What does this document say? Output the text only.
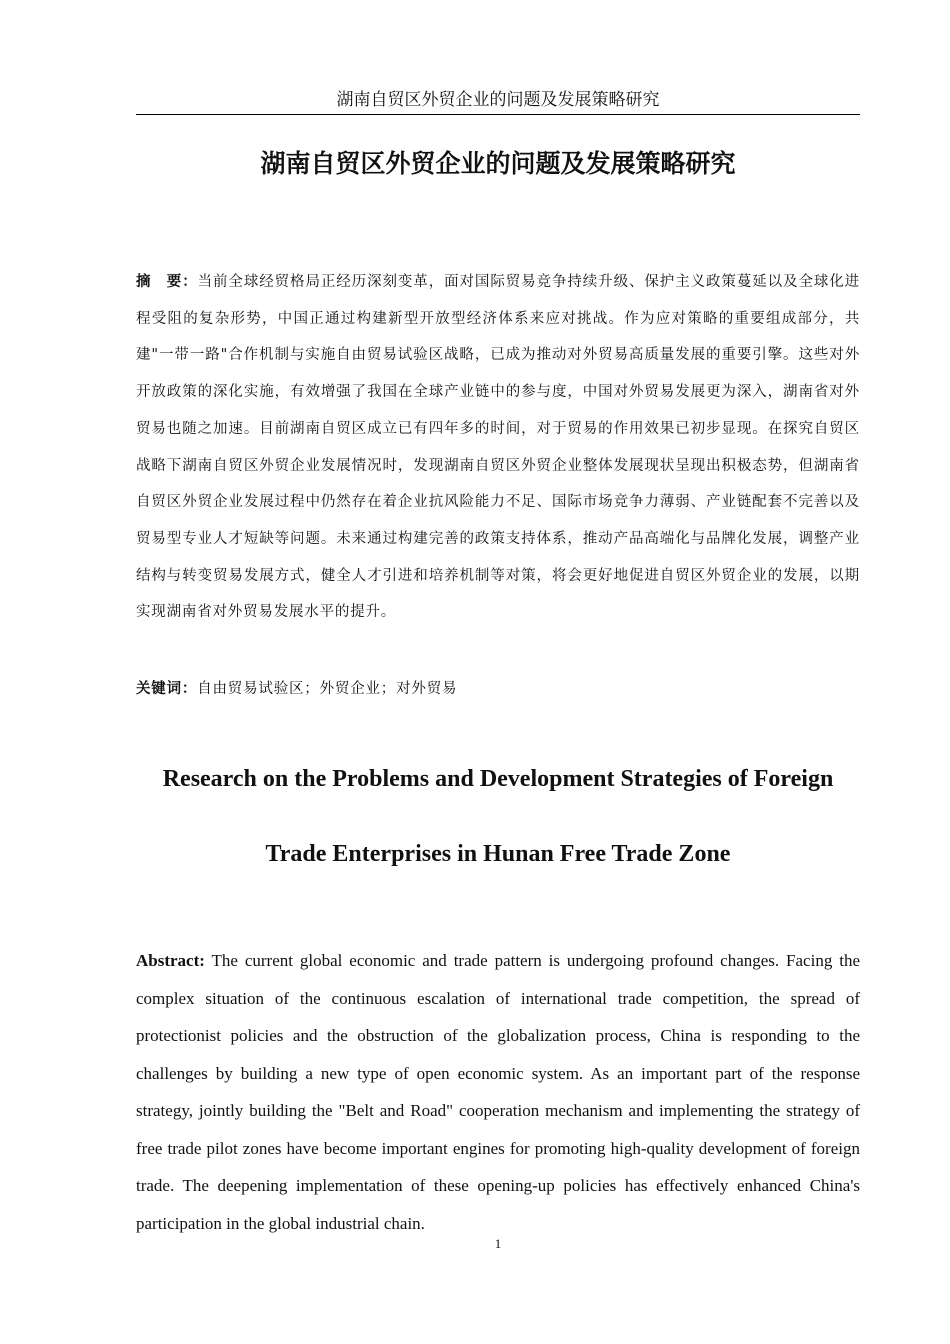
湖南自贸区外贸企业的问题及发展策略研究
湖南自贸区外贸企业的问题及发展策略研究

摘　要：当前全球经贸格局正经历深刻变革，面对国际贸易竞争持续升级、保护主义政策蔓延以及全球化进程受阻的复杂形势，中国正通过构建新型开放型经济体系来应对挑战。作为应对策略的重要组成部分，共建"一带一路"合作机制与实施自由贸易试验区战略，已成为推动对外贸易高质量发展的重要引擎。这些对外开放政策的深化实施，有效增强了我国在全球产业链中的参与度，中国对外贸易发展更为深入，湖南省对外贸易也随之加速。目前湖南自贸区成立已有四年多的时间，对于贸易的作用效果已初步显现。在探究自贸区战略下湖南自贸区外贸企业发展情况时，发现湖南自贸区外贸企业整体发展现状呈现出积极态势，但湖南省自贸区外贸企业发展过程中仍然存在着企业抗风险能力不足、国际市场竞争力薄弱、产业链配套不完善以及贸易型专业人才短缺等问题。未来通过构建完善的政策支持体系，推动产品高端化与品牌化发展，调整产业结构与转变贸易发展方式，健全人才引进和培养机制等对策，将会更好地促进自贸区外贸企业的发展，以期实现湖南省对外贸易发展水平的提升。

关键词：自由贸易试验区；外贸企业；对外贸易

Research on the Problems and Development Strategies of Foreign
Trade Enterprises in Hunan Free Trade Zone

Abstract: The current global economic and trade pattern is undergoing profound changes. Facing the complex situation of the continuous escalation of international trade competition, the spread of protectionist policies and the obstruction of the globalization process, China is responding to the challenges by building a new type of open economic system. As an important part of the response strategy, jointly building the "Belt and Road" cooperation mechanism and implementing the strategy of free trade pilot zones have become important engines for promoting high-quality development of foreign trade. The deepening implementation of these opening-up policies has effectively enhanced China's participation in the global industrial chain.

1
